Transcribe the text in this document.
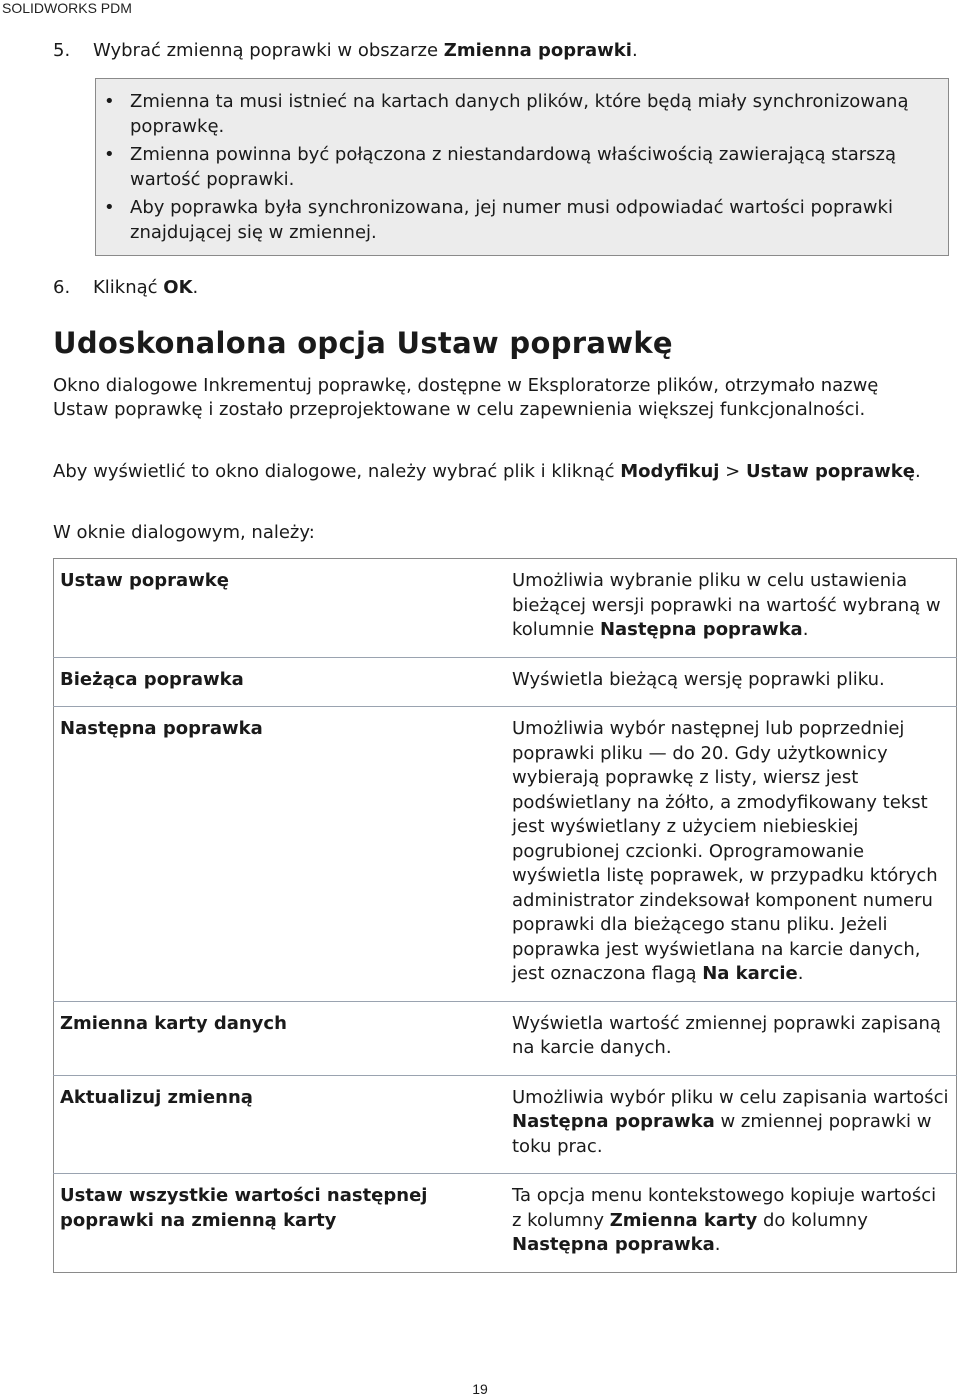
SOLIDWORKS PDM
5. Wybrać zmienną poprawki w obszarze Zmienna poprawki.
• Zmienna ta musi istnieć na kartach danych plików, które będą miały synchronizowaną poprawkę.
• Zmienna powinna być połączona z niestandardową właściwością zawierającą starszą wartość poprawki.
• Aby poprawka była synchronizowana, jej numer musi odpowiadać wartości poprawki znajdującej się w zmiennej.
6. Kliknąć OK.
Udoskonalona opcja Ustaw poprawkę

Okno dialogowe Inkrementuj poprawkę, dostępne w Eksploratorze plików, otrzymało nazwę Ustaw poprawkę i zostało przeprojektowane w celu zapewnienia większej funkcjonalności.

Aby wyświetlić to okno dialogowe, należy wybrać plik i kliknąć Modyfikuj > Ustaw poprawkę.

W oknie dialogowym, należy:

Ustaw poprawkę	Umożliwia wybranie pliku w celu ustawienia bieżącej wersji poprawki na wartość wybraną w kolumnie Następna poprawka.
Bieżąca poprawka	Wyświetla bieżącą wersję poprawki pliku.
Następna poprawka	Umożliwia wybór następnej lub poprzedniej poprawki pliku — do 20. Gdy użytkownicy wybierają poprawkę z listy, wiersz jest podświetlany na żółto, a zmodyfikowany tekst jest wyświetlany z użyciem niebieskiej pogrubionej czcionki. Oprogramowanie wyświetla listę poprawek, w przypadku których administrator zindeksował komponent numeru poprawki dla bieżącego stanu pliku. Jeżeli poprawka jest wyświetlana na karcie danych, jest oznaczona flagą Na karcie.
Zmienna karty danych	Wyświetla wartość zmiennej poprawki zapisaną na karcie danych.
Aktualizuj zmienną	Umożliwia wybór pliku w celu zapisania wartości Następna poprawka w zmiennej poprawki w toku prac.
Ustaw wszystkie wartości następnej poprawki na zmienną karty	Ta opcja menu kontekstowego kopiuje wartości z kolumny Zmienna karty do kolumny Następna poprawka.
19
